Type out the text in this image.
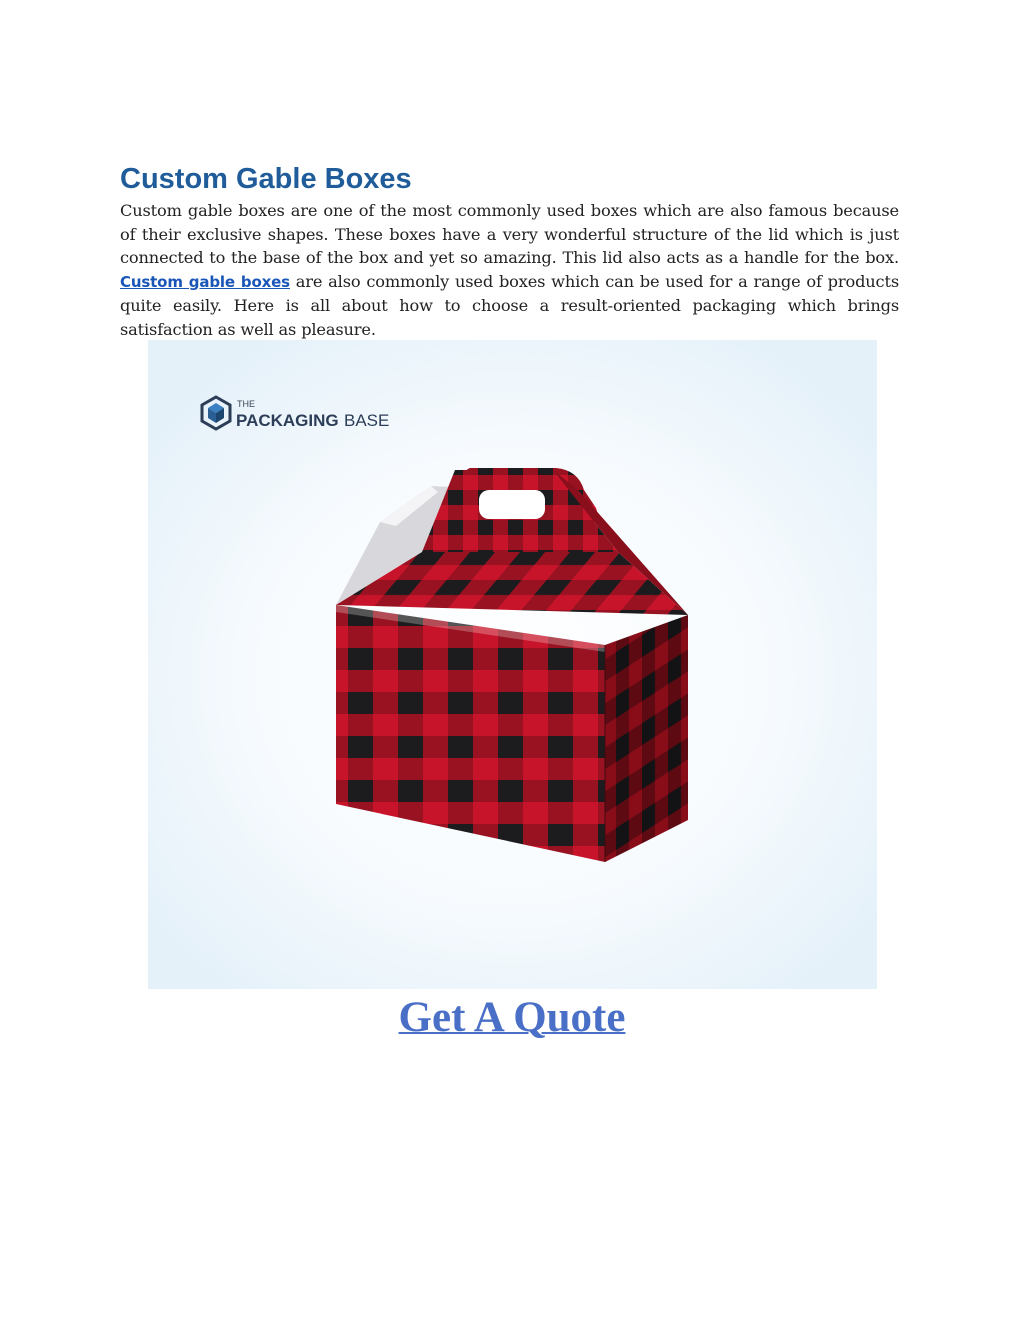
Custom Gable Boxes

Custom gable boxes are one of the most commonly used boxes which are also famous because of their exclusive shapes. These boxes have a very wonderful structure of the lid which is just connected to the base of the box and yet so amazing. This lid also acts as a handle for the box. Custom gable boxes are also commonly used boxes which can be used for a range of products quite easily. Here is all about how to choose a result-oriented packaging which brings satisfaction as well as pleasure.

THE
PACKAGING BASE
Get A Quote
